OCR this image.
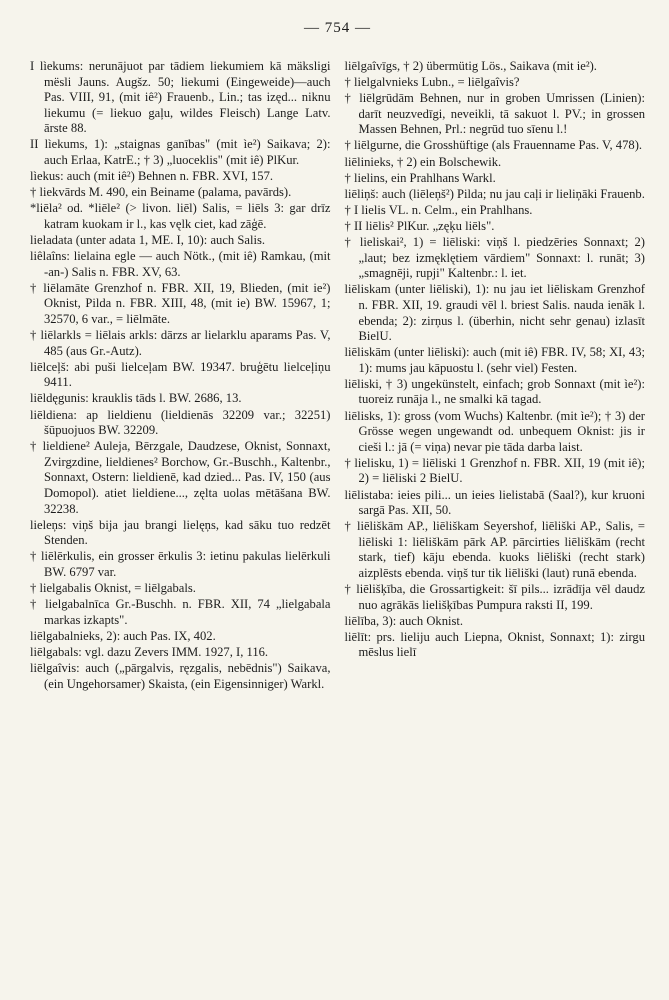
— 754 —
I lìekums: nerunājuot par tādiem liekumiem kā mäksligi mësli Jauns. Augšz. 50; liekumi (Eingeweide)—auch Pas. VIII, 91, (mit iê²) Frauenb., Lin.; tas izęd... niknu liekumu (= liekuo gaļu, wildes Fleisch) Lange Latv. ārste 88.
II lìekums, 1): „staignas ganības" (mit ìe²) Saikava; 2): auch Erlaa, KatrE.; † 3) „luoceklis" (mit iê) PlKur.
lìekus: auch (mit iê²) Behnen n. FBR. XVI, 157.
† liekvārds M. 490, ein Beiname (palama, pavārds).
*liēla² od. *liēle² (> livon. liēl) Salis, = liēls 3: gar drīz katram kuokam ir l., kas vęlk ciet, kad zāģē.
lieladata (unter adata 1, ME. I, 10): auch Salis.
liêlaîns: lielaina egle — auch Nötk., (mit iê) Ramkau, (mit -an-) Salis n. FBR. XV, 63.
† liēlamāte Grenzhof n. FBR. XII, 19, Blieden, (mit ie²) Oknist, Pilda n. FBR. XIII, 48, (mit ie) BW. 15967, 1; 32570, 6 var., = liēlmāte.
† liēlarkls = liēlais arkls: dārzs ar lielarklu aparams Pas. V, 485 (aus Gr.-Autz).
liēlceļš: abi puši lielceļam BW. 19347. bruģētu lielceļiņu 9411.
liēldęgunis: krauklis tāds l. BW. 2686, 13.
liēldiena: ap lieldienu (lieldienās 32209 var.; 32251) šūpuojuos BW. 32209.
† lieldiene² Auleja, Bērzgale, Daudzese, Oknist, Sonnaxt, Zvirgzdine, lieldienes² Borchow, Gr.-Buschh., Kaltenbr., Sonnaxt, Ostern: lieldienē, kad dzied... Pas. IV, 150 (aus Domopol). atiet lieldiene..., zęlta uolas mētāšana BW. 32238.
lieleņs: viņš bija jau brangi lielęņs, kad sāku tuo redzēt Stenden.
† liēlērkulis, ein grosser ērkulis 3: ietinu pakulas lielērkuli BW. 6797 var.
† lielgabalis Oknist, = liēlgabals.
† lielgabalnīca Gr.-Buschh. n. FBR. XII, 74 „lielgabala markas izkapts".
liēlgabalnieks, 2): auch Pas. IX, 402.
liēlgabals: vgl. dazu Zevers IMM. 1927, I, 116.
liēlgaîvis: auch („pārgalvis, ręzgalis, nebēdnis") Saikava, (ein Ungehorsamer) Skaista, (ein Eigensinniger) Warkl.
liēlgaîvīgs, † 2) übermütig Lös., Saikava (mit ie²).
† lielgalvnieks Lubn., = liēlgaîvis?
† liēlgrūdām Behnen, nur in groben Umrissen (Linien): darīt neuzvedīgi, neveikli, tā sakuot l. PV.; in grossen Massen Behnen, Prl.: negrūd tuo sīenu l.!
† liēlgurne, die Grosshüftige (als Frauenname Pas. V, 478).
liēlinieks, † 2) ein Bolschewik.
† lielins, ein Prahlhans Warkl.
liēliņš: auch (liēleņš²) Pilda; nu jau caļi ir lieliņāki Frauenb.
† I lielis VL. n. Celm., ein Prahlhans.
† II liēlis² PlKur. „zęķu liēls".
† lieliskai², 1) = liēliski: viņš l. piedzēries Sonnaxt; 2) „laut; bez izmęklętiem vārdiem" Sonnaxt: l. runāt; 3) „smagnēji, rupji" Kaltenbr.: l. iet.
liēliskam (unter liēliski), 1): nu jau iet liēliskam Grenzhof n. FBR. XII, 19. graudi vēl l. briest Salis. nauda ienāk l. ebenda; 2): zirņus l. (überhin, nicht sehr genau) izlasīt BielU.
liēliskām (unter liēliski): auch (mit iê) FBR. IV, 58; XI, 43; 1): mums jau kāpuostu l. (sehr viel) Festen.
liēliski, † 3) ungekünstelt, einfach; grob Sonnaxt (mit ìe²): tuoreiz runāja l., ne smalki kā tagad.
liēlisks, 1): gross (vom Wuchs) Kaltenbr. (mit ìe²); † 3) der Grösse wegen ungewandt od. unbequem Oknist: jis ir cieši l.: jā (= viņa) nevar pie tāda darba laist.
† lielisku, 1) = liēliski 1 Grenzhof n. FBR. XII, 19 (mit iê); 2) = liēliski 2 BielU.
liēlistaba: ieies pili... un ieies lielistabā (Saal?), kur kruoni sargā Pas. XII, 50.
† liēliškām AP., liēliškam Seyershof, liēliški AP., Salis, = liēliski 1: liēliškām pārk AP. pārcirties liēliškām (recht stark, tief) kāju ebenda. kuoks liēliški (recht stark) aizplēsts ebenda. viņš tur tik liēliški (laut) runā ebenda.
† liēlišķība, die Grossartigkeit: šī pils... izrādīja vēl daudz nuo agrākās lielišķības Pumpura raksti II, 199.
liēlība, 3): auch Oknist.
liēlīt: prs. lieliju auch Liepna, Oknist, Sonnaxt; 1): zirgu mēslus lielī
